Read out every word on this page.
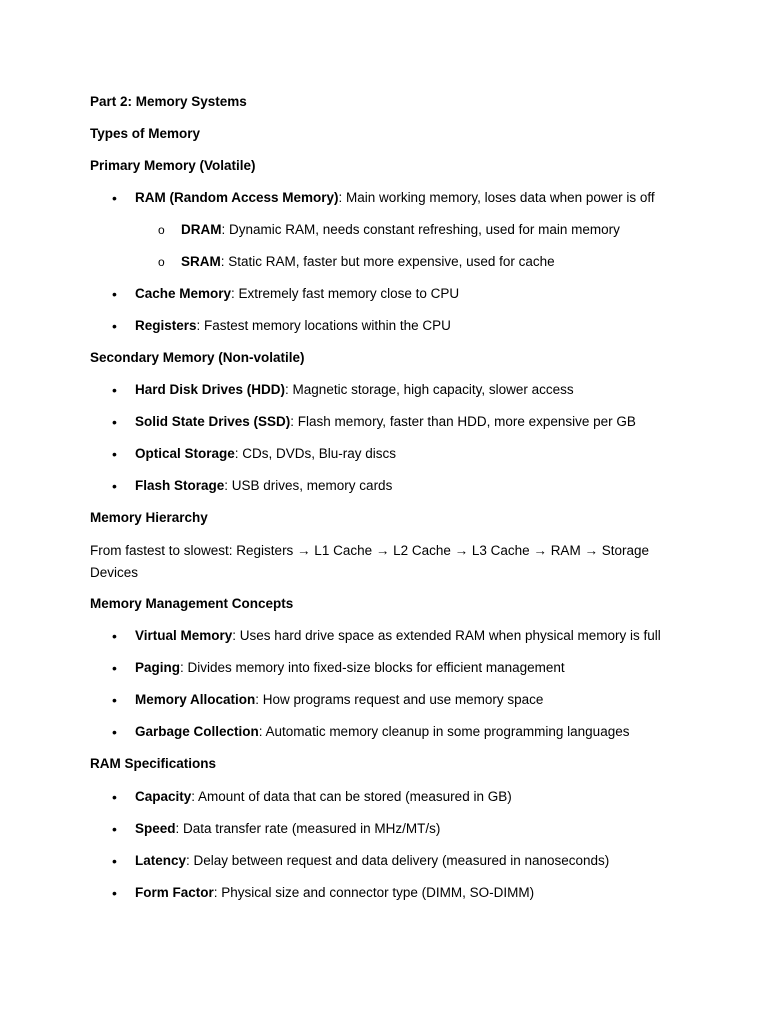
Part 2: Memory Systems
Types of Memory
Primary Memory (Volatile)
•	RAM (Random Access Memory): Main working memory, loses data when power is off
o DRAM: Dynamic RAM, needs constant refreshing, used for main memory
o SRAM: Static RAM, faster but more expensive, used for cache
•	Cache Memory: Extremely fast memory close to CPU
•	Registers: Fastest memory locations within the CPU
Secondary Memory (Non-volatile)
•	Hard Disk Drives (HDD): Magnetic storage, high capacity, slower access
•	Solid State Drives (SSD): Flash memory, faster than HDD, more expensive per GB
•	Optical Storage: CDs, DVDs, Blu-ray discs
•	Flash Storage: USB drives, memory cards
Memory Hierarchy
From fastest to slowest: Registers → L1 Cache → L2 Cache → L3 Cache → RAM → Storage Devices
Memory Management Concepts
•	Virtual Memory: Uses hard drive space as extended RAM when physical memory is full
•	Paging: Divides memory into fixed-size blocks for efficient management
•	Memory Allocation: How programs request and use memory space
•	Garbage Collection: Automatic memory cleanup in some programming languages
RAM Specifications
•	Capacity: Amount of data that can be stored (measured in GB)
•	Speed: Data transfer rate (measured in MHz/MT/s)
•	Latency: Delay between request and data delivery (measured in nanoseconds)
•	Form Factor: Physical size and connector type (DIMM, SO-DIMM)
